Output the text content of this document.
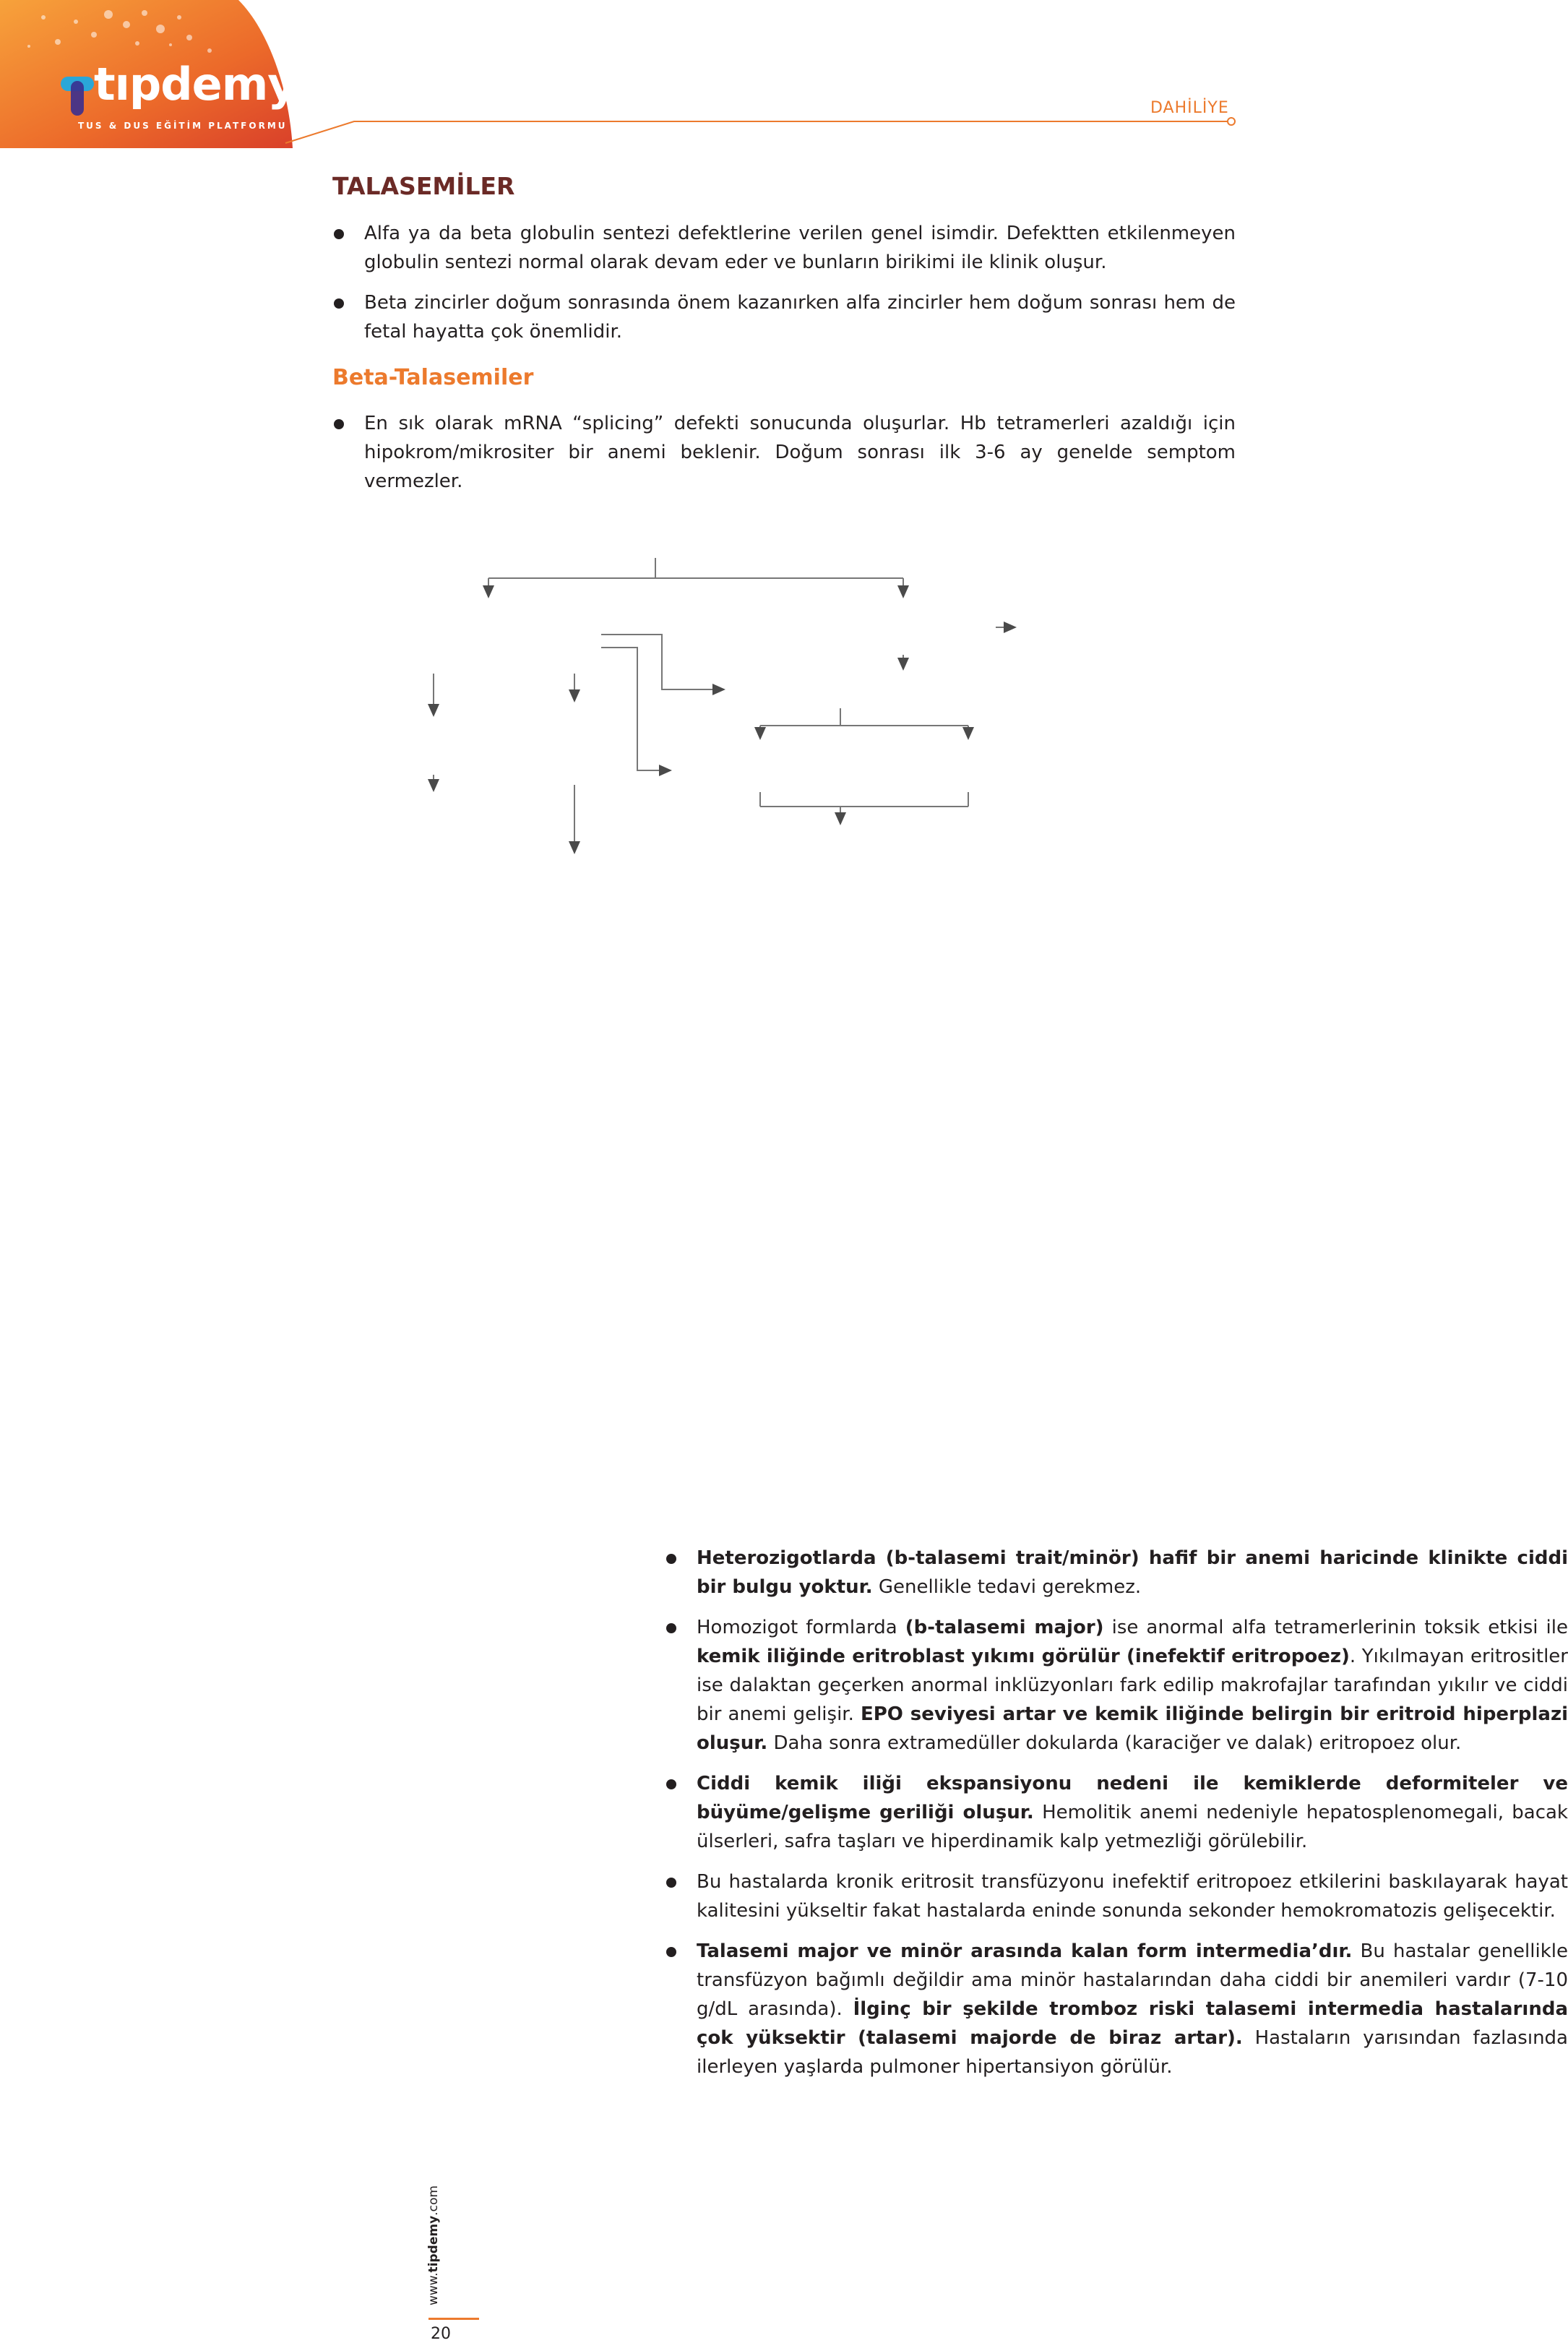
tıpdemy
TUS & DUS EĞİTİM PLATFORMU
DAHİLİYE
TALASEMİLER
Alfa ya da beta globulin sentezi defektlerine verilen genel isimdir. Defektten etkilenmeyen globulin sentezi normal olarak devam eder ve bunların birikimi ile klinik oluşur.
Beta zincirler doğum sonrasında önem kazanırken alfa zincirler hem doğum sonrası hem de fetal hayatta çok önemlidir.
Beta-Talasemiler
En sık olarak mRNA “splicing” defekti sonucunda oluşurlar. Hb tetramerleri azaldığı için hipokrom/mikrositer bir anemi beklenir. Doğum sonrası ilk 3-6 ay genelde semptom vermezler.
Heterozigotlarda (b-talasemi trait/minör) hafif bir anemi haricinde klinikte ciddi bir bulgu yoktur. Genellikle tedavi gerekmez.
Homozigot formlarda (b-talasemi major) ise anormal alfa tetramerlerinin toksik etkisi ile kemik iliğinde eritroblast yıkımı görülür (inefektif eritropoez). Yıkılmayan eritrositler ise dalaktan geçerken anormal inklüzyonları fark edilip makrofajlar tarafından yıkılır ve ciddi bir anemi gelişir. EPO seviyesi artar ve kemik iliğinde belirgin bir eritroid hiperplazi oluşur. Daha sonra extramedüller dokularda (karaciğer ve dalak) eritropoez olur.
Ciddi kemik iliği ekspansiyonu nedeni ile kemiklerde deformiteler ve büyüme/gelişme geriliği oluşur. Hemolitik anemi nedeniyle hepatosplenomegali, bacak ülserleri, safra taşları ve hiperdinamik kalp yetmezliği görülebilir.
Bu hastalarda kronik eritrosit transfüzyonu inefektif eritropoez etkilerini baskılayarak hayat kalitesini yükseltir fakat hastalarda eninde sonunda sekonder hemokromatozis gelişecektir.
Talasemi major ve minör arasında kalan form intermedia’dır. Bu hastalar genellikle transfüzyon bağımlı değildir ama minör hastalarından daha ciddi bir anemileri vardır (7-10 g/dL arasında). İlginç bir şekilde tromboz riski talasemi intermedia hastalarında çok yüksektir (talasemi majorde de biraz artar). Hastaların yarısından fazlasında ilerleyen yaşlarda pulmoner hipertansiyon görülür.
www.tipdemy.com
20
